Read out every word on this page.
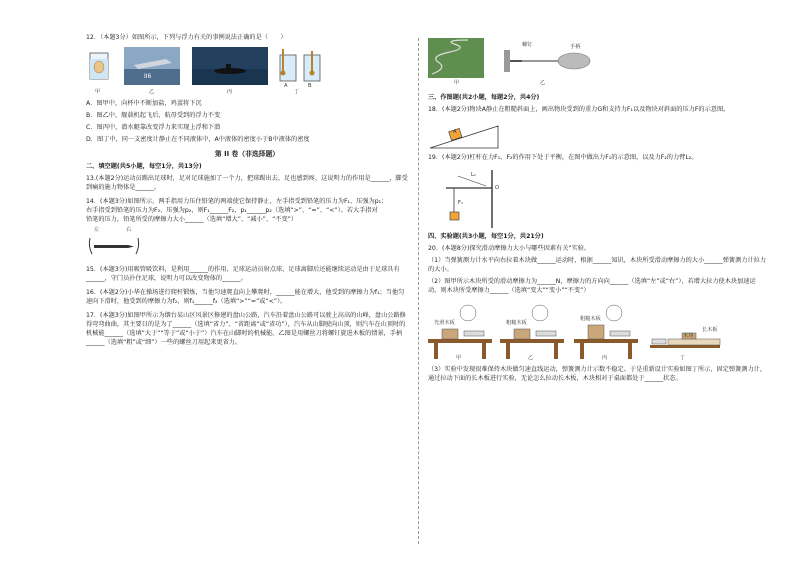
12．（本题3分）如图所示，下列与浮力有关的事例说法正确的是（　　）

II6
A	B
甲	乙	丙	丁

A．图甲中，向杯中不断加盐，鸡蛋将下沉

B．图乙中，舰载机起飞后，航母受到的浮力不变

C．图丙中，潜水艇靠改变浮力来实现上浮和下潜

D．图丁中，同一支密度计静止在不同液体中，A中液体的密度小于B中液体的密度

第 II 卷（非选择题）

二、填空题(共5小题，每空1分，共13分)

13.(本题2分)运动员踢出足球时，足对足球施加了一个力，把球踢出去，足也感到疼，这说明力的作用是______，脚受到痛的施力物体是______。

14．(本题3分)如图所示，两手指用力压住铅笔的两端使它保持静止，左手指受到铅笔的压力为F₁、压强为p₁；

右手指受到铅笔的压力为F₂、压强为p₂，则F₁______F₂，p₁______p₂（选填“>”、“=”、“<”）。若大手指对

铅笔的压力，铅笔所受的摩擦力大小______（选填“增大”、“减小”、“不变”）

左	右

15．(本题3分)用吸管吸饮料，是利用______的作用，足球运动员射点球，足球离脚后还能继续运动是由于足球具有______，守门员扑住足球，说明力可以改变物体的______。

16．(本题2分)小华在操场进行爬杆锻炼，当他匀速爬直向上攀爬时，______能在增大，他受到的摩擦力为f₁；当他匀速向下滑时，他受到的摩擦力为f₂，则f₁______f₂（选填“>”“=”或“<”）。

17．(本题3分)如图甲所示为烟台某山区风景区修建的盘山公路，汽车沿着盘山公路可以驶上高高的山峰，盘山公路修得弯弯曲曲，其主要目的是为了______（选填“省力”、“省距离”或“省功”），汽车从山脚驶向山顶，则汽车在山顶时的机械能______（选填“大于”“等于”或“小于”）汽车在山脚时的机械能。乙图是用螺丝刀将螺钉旋进木板的情景，手柄______（选填“粗”或“细”）一些的螺丝刀用起来更省力。

螺钉	手柄
甲	乙

三、作图题(共2小题，每题2分，共4分)

18．(本题2分)物块A静止在粗糙斜面上，画出物块受到的重力G和支持力F₁以及物块对斜面的压力F的示意图。

A

19．(本题2分)杠杆在力F₁、F₂的作用下处于平衡，在图中做出力F₁的示意图，以及力F₂的力臂L₂。

L₁
O
F₁

四、实验题(共3小题，每空1分，共21分)

20．(本题8分)探究滑动摩擦力大小与哪些因素有关”实验。

（1）当弹簧测力计水平向右拉着木块做______运动时，根据______知识，木块所受滑动摩擦力的大小______弹簧测力计拉力的大小。

（2）图甲所示木块所受的滑动摩擦力为______N，摩擦力的方向向______（选填“左”或“右”），若增大拉力使木块加速运动，则木块所受摩擦力______（选填“变大”“变小”“不变”）

光滑木板	粗糙木板
粗糙木板
长木板
木块
甲	乙	丙	丁

（3）实验中发现很难保持木块做匀速直线运动，弹簧测力计示数不稳定。于是重新设计实验如图丁所示，固定弹簧测力计，通过拉动下面的长木板进行实验，无论怎么拉动长木板，木块相对于桌面都处于______状态。
